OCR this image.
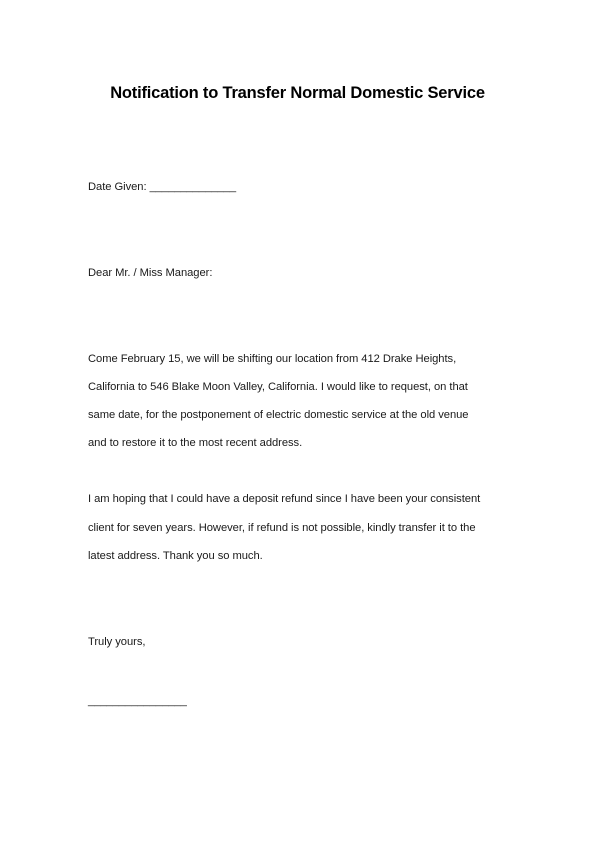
Notification to Transfer Normal Domestic Service
Date Given: ______________
Dear Mr. / Miss Manager:
Come February 15, we will be shifting our location from 412 Drake Heights,
California to 546 Blake Moon Valley, California. I would like to request, on that
same date, for the postponement of electric domestic service at the old venue
and to restore it to the most recent address.
I am hoping that I could have a deposit refund since I have been your consistent
client for seven years. However, if refund is not possible, kindly transfer it to the
latest address. Thank you so much.
Truly yours,
________________
